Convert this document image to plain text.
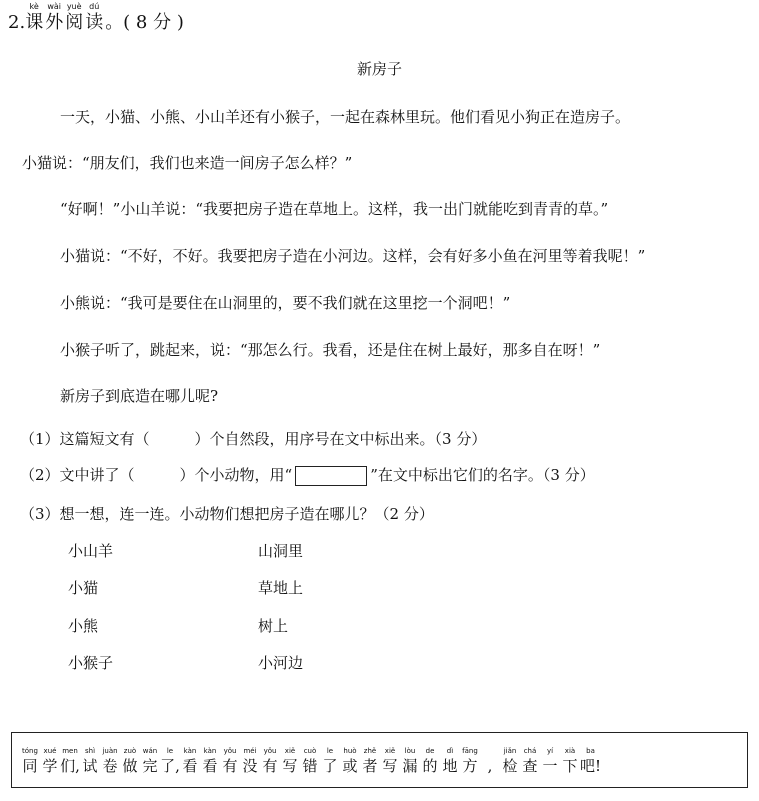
2.
kè
课
wài
外
yuè
阅
dú
读 。( 8 分 )
新房子
一天，小猫、小熊、小山羊还有小猴子，一起在森林里玩。他们看见小狗正在造房子。
小猫说：“朋友们，我们也来造一间房子怎么样？”
“好啊！”小山羊说：“我要把房子造在草地上。这样，我一出门就能吃到青青的草。”
小猫说：“不好，不好。我要把房子造在小河边。这样，会有好多小鱼在河里等着我呢！”
小熊说：“我可是要住在山洞里的，要不我们就在这里挖一个洞吧！”
小猴子听了，跳起来，说：“那怎么行。我看，还是住在树上最好，那多自在呀！”
新房子到底造在哪儿呢?
（1）这篇短文有（　　　）个自然段，用序号在文中标出来。（3 分）
（2）文中讲了（　　　）个小动物，用“	”在文中标出它们的名字。（3 分）
（3）想一想，连一连。小动物们想把房子造在哪儿？（2 分）
小山羊
小猫
小熊
小猴子
山洞里
草地上
树上
小河边
tóng
同
xué
学
men
们,
shì
试
juàn
卷
zuò
做
wán
完
le
了,
kàn
看
kàn
看
yǒu
有
méi
没
yǒu
有
xiě
写
cuò
错
le
了
huò
或
zhě
者
xiě
写
lòu
漏
de
的
dì
地
fāng
方 ,
jiǎn
检
chá
查
yí
一
xià
下
ba
吧!
